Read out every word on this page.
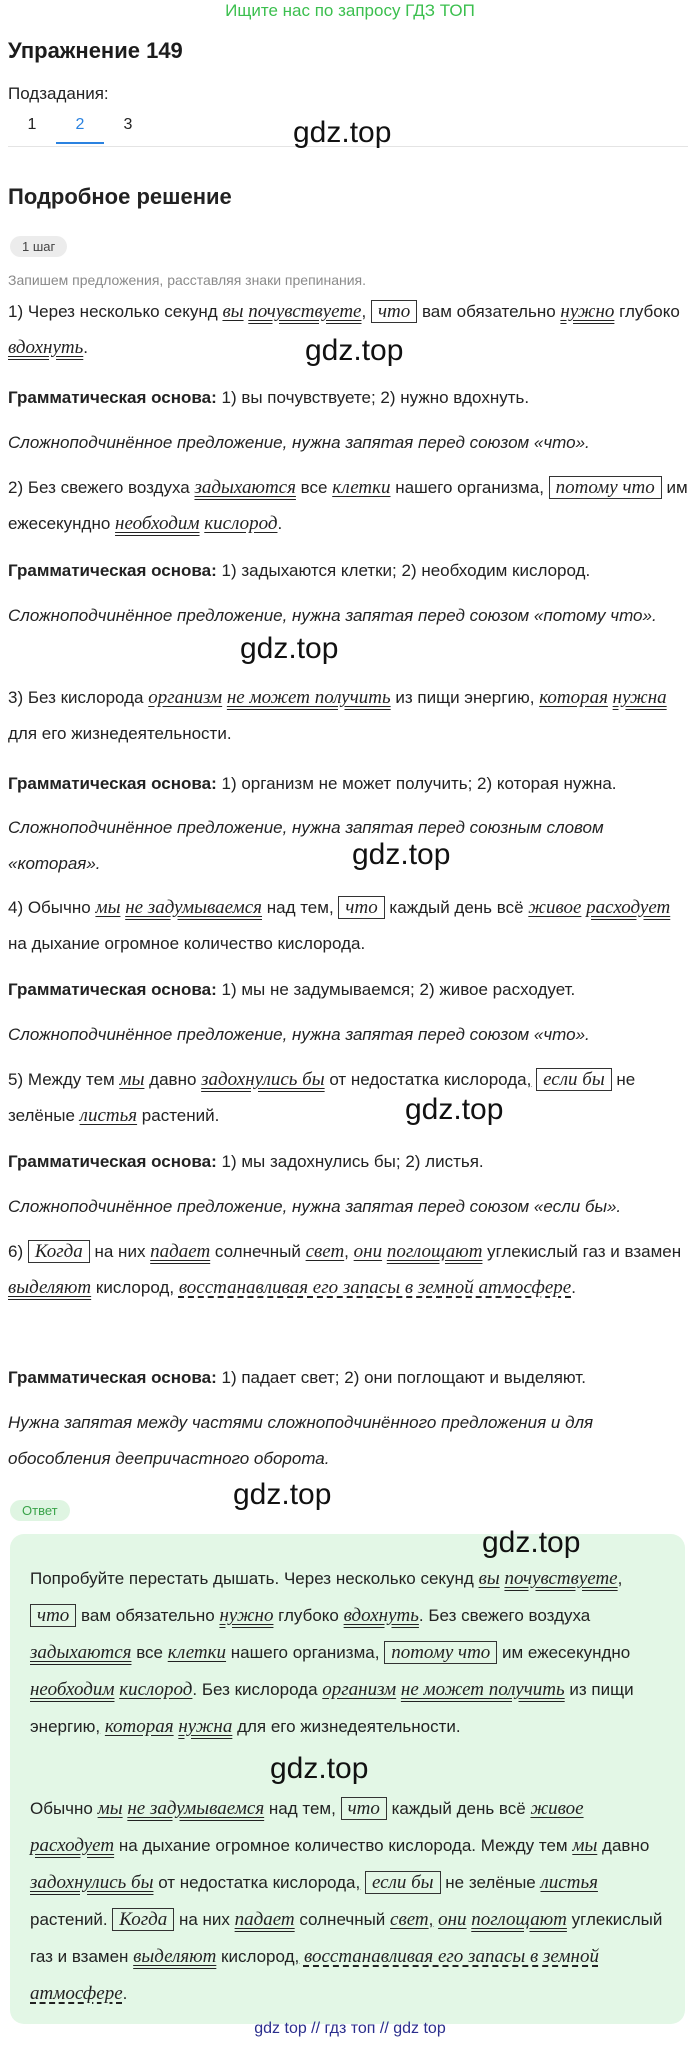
Ищите нас по запросу ГДЗ ТОП
Упражнение 149
Подзадания:
1	2	3	gdz.top
Подробное решение
1 шаг
Запишем предложения, расставляя знаки препинания.
1) Через несколько секунд вы почувствуете, что вам обязательно нужно глубоко вдохнуть.	gdz.top
Грамматическая основа: 1) вы почувствуете; 2) нужно вдохнуть.
Сложноподчинённое предложение, нужна запятая перед союзом «что».
2) Без свежего воздуха задыхаются все клетки нашего организма, потому что им ежесекундно необходим кислород.
Грамматическая основа: 1) задыхаются клетки; 2) необходим кислород.
Сложноподчинённое предложение, нужна запятая перед союзом «потому что».
gdz.top
3) Без кислорода организм не может получить из пищи энергию, которая нужна для его жизнедеятельности.
Грамматическая основа: 1) организм не может получить; 2) которая нужна.
Сложноподчинённое предложение, нужна запятая перед союзным словом «которая».	gdz.top
4) Обычно мы не задумываемся над тем, что каждый день всё живое расходует на дыхание огромное количество кислорода.
Грамматическая основа: 1) мы не задумываемся; 2) живое расходует.
Сложноподчинённое предложение, нужна запятая перед союзом «что».
5) Между тем мы давно задохнулись бы от недостатка кислорода, если бы не зелёные листья растений.	gdz.top
Грамматическая основа: 1) мы задохнулись бы; 2) листья.
Сложноподчинённое предложение, нужна запятая перед союзом «если бы».
6) Когда на них падает солнечный свет, они поглощают углекислый газ и взамен выделяют кислород, восстанавливая его запасы в земной атмосфере.
Грамматическая основа: 1) падает свет; 2) они поглощают и выделяют.
Нужна запятая между частями сложноподчинённого предложения и для обособления деепричастного оборота.
gdz.top
Ответ
gdz.top
Попробуйте перестать дышать. Через несколько секунд вы почувствуете, что вам обязательно нужно глубоко вдохнуть. Без свежего воздуха задыхаются все клетки нашего организма, потому что им ежесекундно необходим кислород. Без кислорода организм не может получить из пищи энергию, которая нужна для его жизнедеятельности.
gdz.top
Обычно мы не задумываемся над тем, что каждый день всё живое расходует на дыхание огромное количество кислорода. Между тем мы давно задохнулись бы от недостатка кислорода, если бы не зелёные листья растений. Когда на них падает солнечный свет, они поглощают углекислый газ и взамен выделяют кислород, восстанавливая его запасы в земной атмосфере.
gdz top // гдз топ // gdz top
